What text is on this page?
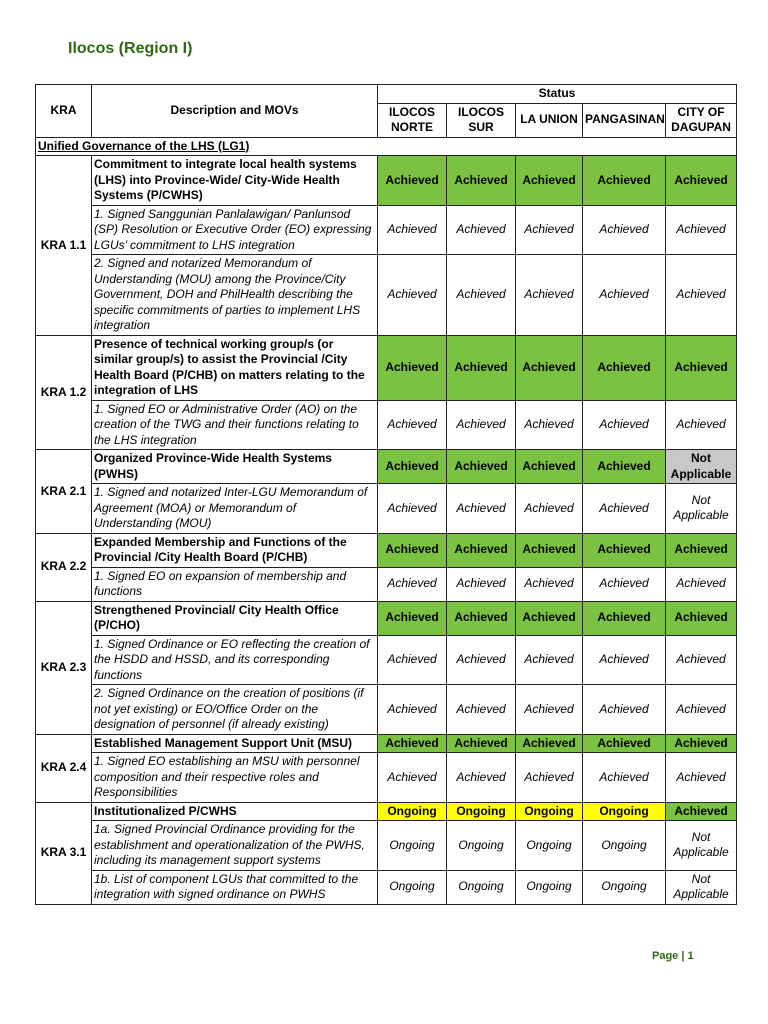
Ilocos (Region I)
KRA	Description and MOVs	Status				
		ILOCOS NORTE	ILOCOS SUR	LA UNION	PANGASINAN	CITY OF DAGUPAN
Unified Governance of the LHS (LG1)						
KRA 1.1	Commitment to integrate local health systems (LHS) into Province-Wide/ City-Wide Health Systems (P/CWHS)	Achieved	Achieved	Achieved	Achieved	Achieved
	1. Signed Sanggunian Panlalawigan/ Panlunsod (SP) Resolution or Executive Order (EO) expressing LGUs’ commitment to LHS integration	Achieved	Achieved	Achieved	Achieved	Achieved
	2. Signed and notarized Memorandum of Understanding (MOU) among the Province/City Government, DOH and PhilHealth describing the specific commitments of parties to implement LHS integration	Achieved	Achieved	Achieved	Achieved	Achieved
KRA 1.2	Presence of technical working group/s (or similar group/s) to assist the Provincial /City Health Board (P/CHB) on matters relating to the integration of LHS	Achieved	Achieved	Achieved	Achieved	Achieved
	1. Signed EO or Administrative Order (AO) on the creation of the TWG and their functions relating to the LHS integration	Achieved	Achieved	Achieved	Achieved	Achieved
KRA 2.1	Organized Province-Wide Health Systems (PWHS)	Achieved	Achieved	Achieved	Achieved	Not Applicable
	1. Signed and notarized Inter-LGU Memorandum of Agreement (MOA) or Memorandum of Understanding (MOU)	Achieved	Achieved	Achieved	Achieved	Not Applicable
KRA 2.2	Expanded Membership and Functions of the Provincial /City Health Board (P/CHB)	Achieved	Achieved	Achieved	Achieved	Achieved
	1. Signed EO on expansion of membership and functions	Achieved	Achieved	Achieved	Achieved	Achieved
KRA 2.3	Strengthened Provincial/ City Health Office (P/CHO)	Achieved	Achieved	Achieved	Achieved	Achieved
	1. Signed Ordinance or EO reflecting the creation of the HSDD and HSSD, and its corresponding functions	Achieved	Achieved	Achieved	Achieved	Achieved
	2. Signed Ordinance on the creation of positions (if not yet existing) or EO/Office Order on the designation of personnel (if already existing)	Achieved	Achieved	Achieved	Achieved	Achieved
KRA 2.4	Established Management Support Unit (MSU)	Achieved	Achieved	Achieved	Achieved	Achieved
	1. Signed EO establishing an MSU with personnel composition and their respective roles and Responsibilities	Achieved	Achieved	Achieved	Achieved	Achieved
KRA 3.1	Institutionalized P/CWHS	Ongoing	Ongoing	Ongoing	Ongoing	Achieved
	1a. Signed Provincial Ordinance providing for the establishment and operationalization of the PWHS, including its management support systems	Ongoing	Ongoing	Ongoing	Ongoing	Not Applicable
	1b. List of component LGUs that committed to the integration with signed ordinance on PWHS	Ongoing	Ongoing	Ongoing	Ongoing	Not Applicable
Page | 1
